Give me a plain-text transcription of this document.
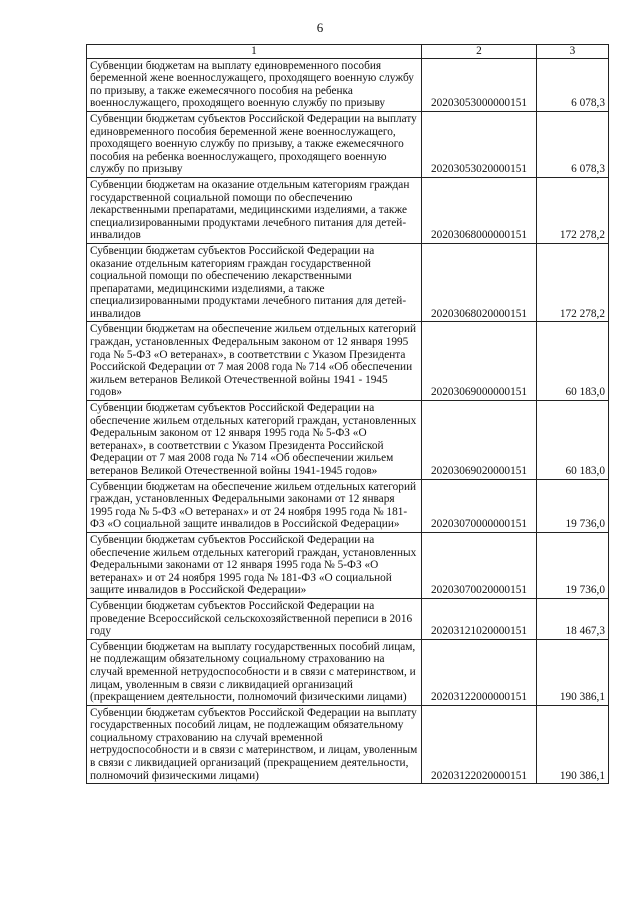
6
1	2	3
Субвенции бюджетам на выплату единовременного пособия беременной жене военнослужащего, проходящего военную службу по призыву, а также ежемесячного пособия на ребенка военнослужащего, проходящего военную службу по призыву	20203053000000151	6 078,3
Субвенции бюджетам субъектов Российской Федерации на выплату единовременного пособия беременной жене военнослужащего, проходящего военную службу по призыву, а также ежемесячного пособия на ребенка военнослужащего, проходящего военную службу по призыву	20203053020000151	6 078,3
Субвенции бюджетам на оказание отдельным категориям граждан государственной социальной помощи по обеспечению лекарственными препаратами, медицинскими изделиями, а также специализированными продуктами лечебного питания для детей-инвалидов	20203068000000151	172 278,2
Субвенции бюджетам субъектов Российской Федерации на оказание отдельным категориям граждан государственной социальной помощи по обеспечению лекарственными препаратами, медицинскими изделиями, а также специализированными продуктами лечебного питания для детей-инвалидов	20203068020000151	172 278,2
Субвенции бюджетам на обеспечение жильем отдельных категорий граждан, установленных Федеральным законом от 12 января 1995 года № 5-ФЗ «О ветеранах», в соответствии с Указом Президента Российской Федерации от 7 мая 2008 года № 714 «Об обеспечении жильем ветеранов Великой Отечественной войны 1941 - 1945 годов»	20203069000000151	60 183,0
Субвенции бюджетам субъектов Российской Федерации на обеспечение жильем отдельных категорий граждан, установленных Федеральным законом от 12 января 1995 года № 5-ФЗ «О ветеранах», в соответствии с Указом Президента Российской Федерации от 7 мая 2008 года № 714 «Об обеспечении жильем ветеранов Великой Отечественной войны 1941-1945 годов»	20203069020000151	60 183,0
Субвенции бюджетам на обеспечение жильем отдельных категорий граждан, установленных Федеральными законами от 12 января 1995 года № 5-ФЗ «О ветеранах» и от 24 ноября 1995 года № 181-ФЗ «О социальной защите инвалидов в Российской Федерации»	20203070000000151	19 736,0
Субвенции бюджетам субъектов Российской Федерации на обеспечение жильем отдельных категорий граждан, установленных Федеральными законами от 12 января 1995 года № 5-ФЗ «О ветеранах» и от 24 ноября 1995 года № 181-ФЗ «О социальной защите инвалидов в Российской Федерации»	20203070020000151	19 736,0
Субвенции бюджетам субъектов Российской Федерации на проведение Всероссийской сельскохозяйственной переписи в 2016 году	20203121020000151	18 467,3
Субвенции бюджетам на выплату государственных пособий лицам, не подлежащим обязательному социальному страхованию на случай временной нетрудоспособности и в связи с материнством, и лицам, уволенным в связи с ликвидацией организаций (прекращением деятельности, полномочий физическими лицами)	20203122000000151	190 386,1
Субвенции бюджетам субъектов Российской Федерации на выплату государственных пособий лицам, не подлежащим обязательному социальному страхованию на случай временной нетрудоспособности и в связи с материнством, и лицам, уволенным в связи с ликвидацией организаций (прекращением деятельности, полномочий физическими лицами)	20203122020000151	190 386,1
